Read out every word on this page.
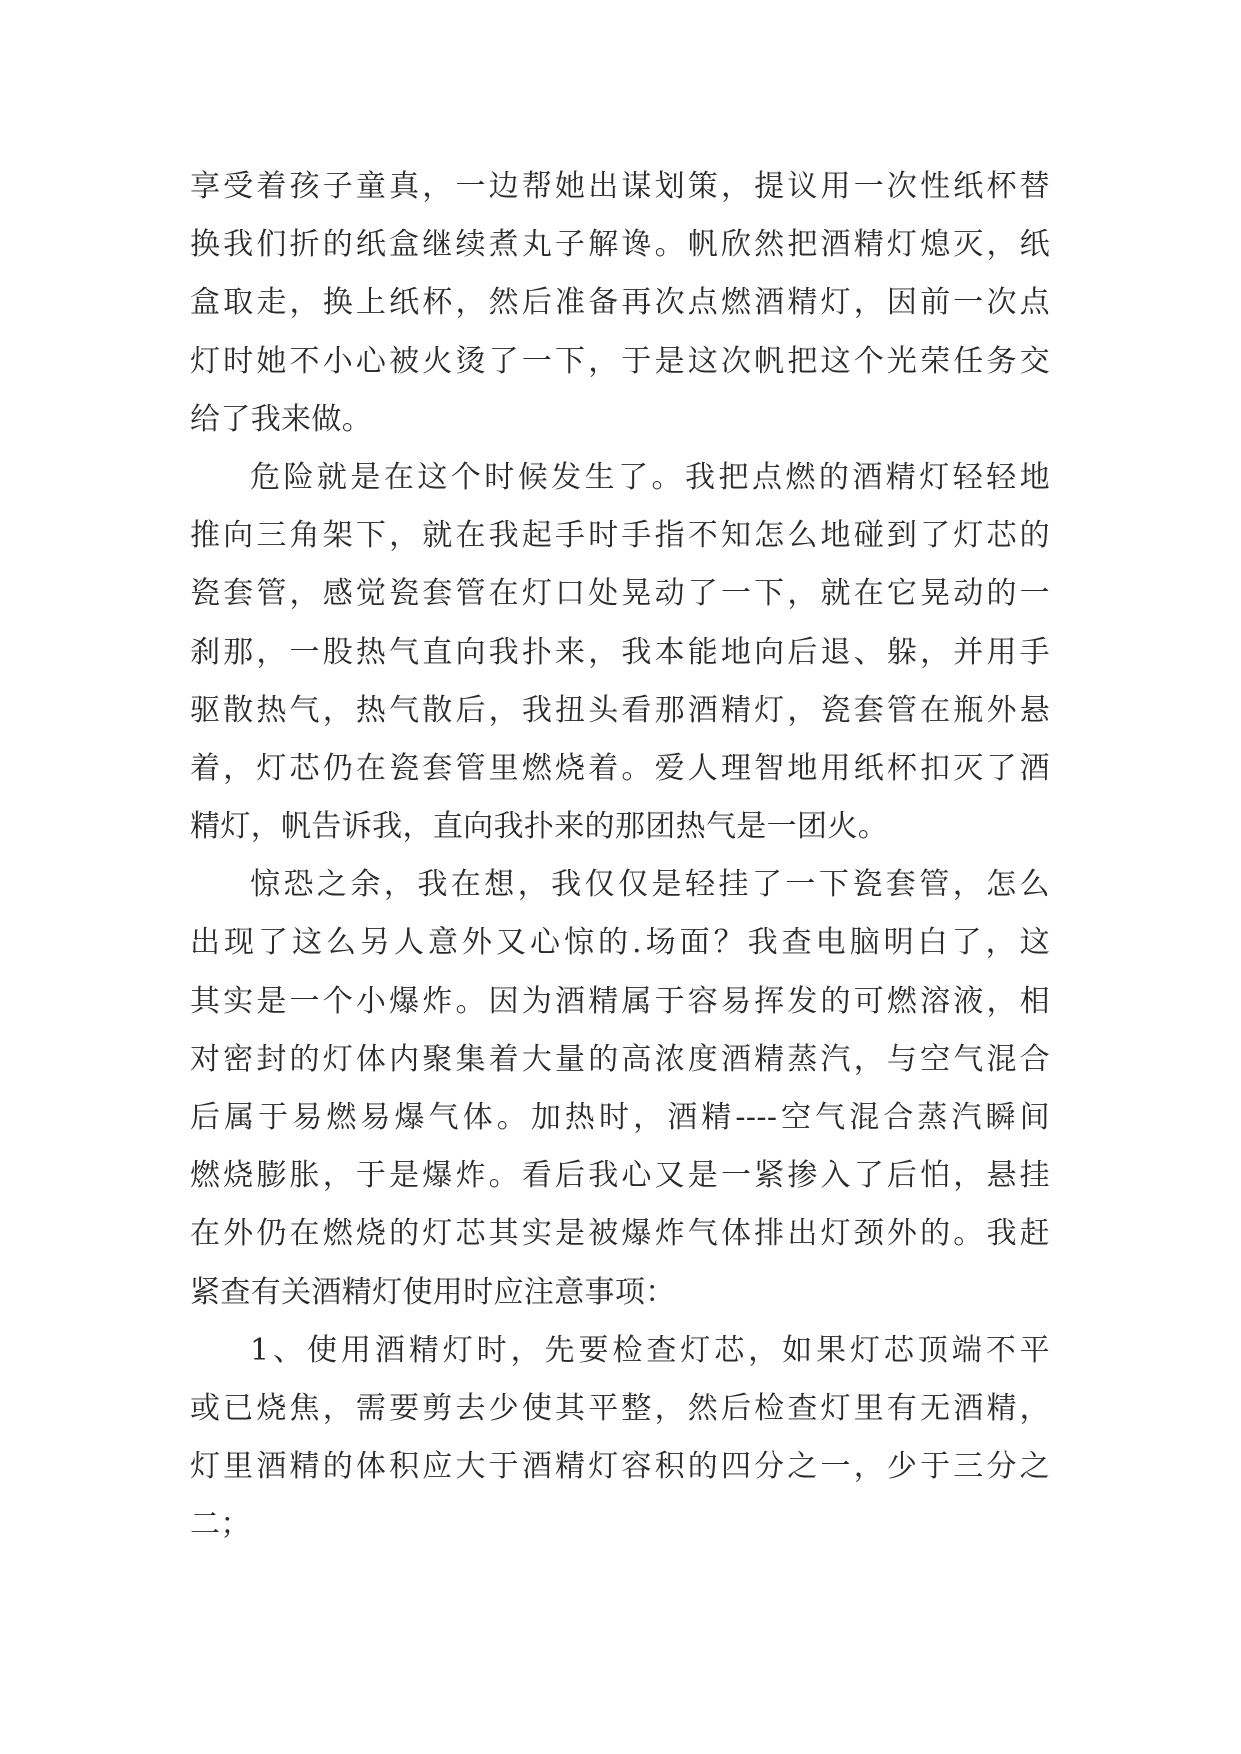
享受着孩子童真，一边帮她出谋划策，提议用一次性纸杯替
换我们折的纸盒继续煮丸子解谗。帆欣然把酒精灯熄灭，纸
盒取走，换上纸杯，然后准备再次点燃酒精灯，因前一次点
灯时她不小心被火烫了一下，于是这次帆把这个光荣任务交
给了我来做。
危险就是在这个时候发生了。我把点燃的酒精灯轻轻地
推向三角架下，就在我起手时手指不知怎么地碰到了灯芯的
瓷套管，感觉瓷套管在灯口处晃动了一下，就在它晃动的一
刹那，一股热气直向我扑来，我本能地向后退、躲，并用手
驱散热气，热气散后，我扭头看那酒精灯，瓷套管在瓶外悬
着，灯芯仍在瓷套管里燃烧着。爱人理智地用纸杯扣灭了酒
精灯，帆告诉我，直向我扑来的那团热气是一团火。
惊恐之余，我在想，我仅仅是轻挂了一下瓷套管，怎么
出现了这么另人意外又心惊的.场面？我查电脑明白了，这
其实是一个小爆炸。因为酒精属于容易挥发的可燃溶液，相
对密封的灯体内聚集着大量的高浓度酒精蒸汽，与空气混合
后属于易燃易爆气体。加热时，酒精----空气混合蒸汽瞬间
燃烧膨胀，于是爆炸。看后我心又是一紧掺入了后怕，悬挂
在外仍在燃烧的灯芯其实是被爆炸气体排出灯颈外的。我赶
紧查有关酒精灯使用时应注意事项：
1、使用酒精灯时，先要检查灯芯，如果灯芯顶端不平
或已烧焦，需要剪去少使其平整，然后检查灯里有无酒精，
灯里酒精的体积应大于酒精灯容积的四分之一，少于三分之
二；
